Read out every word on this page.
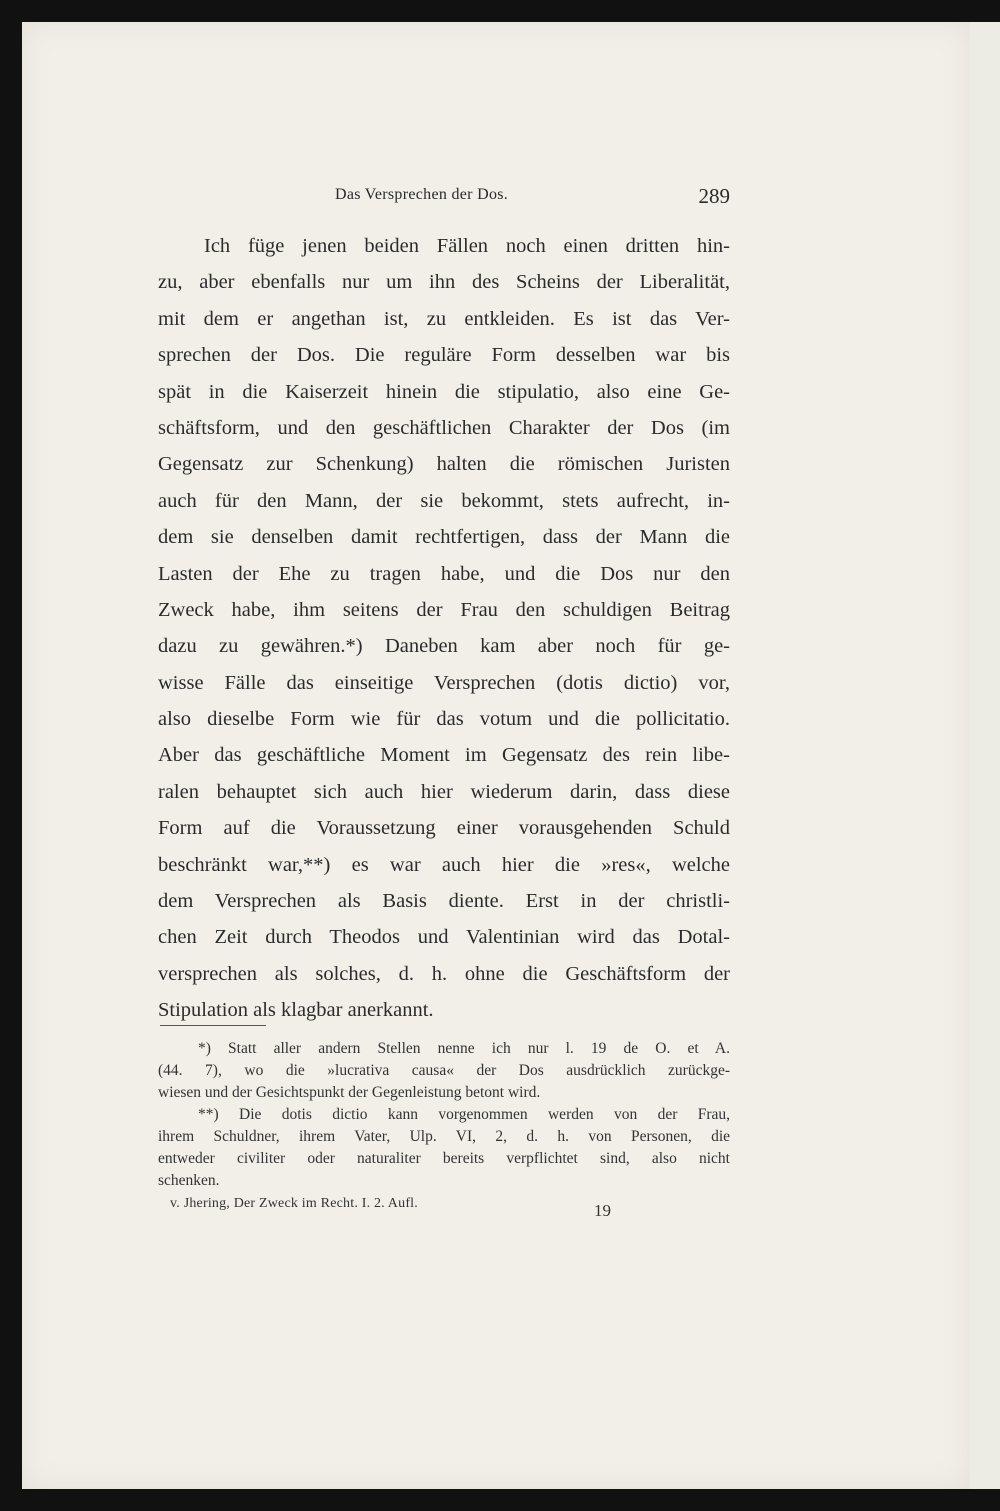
Das Versprechen der Dos.	289
Ich füge jenen beiden Fällen noch einen dritten hin-
zu, aber ebenfalls nur um ihn des Scheins der Liberalität,
mit dem er angethan ist, zu entkleiden. Es ist das Ver-
sprechen der Dos. Die reguläre Form desselben war bis
spät in die Kaiserzeit hinein die stipulatio, also eine Ge-
schäftsform, und den geschäftlichen Charakter der Dos (im
Gegensatz zur Schenkung) halten die römischen Juristen
auch für den Mann, der sie bekommt, stets aufrecht, in-
dem sie denselben damit rechtfertigen, dass der Mann die
Lasten der Ehe zu tragen habe, und die Dos nur den
Zweck habe, ihm seitens der Frau den schuldigen Beitrag
dazu zu gewähren.*) Daneben kam aber noch für ge-
wisse Fälle das einseitige Versprechen (dotis dictio) vor,
also dieselbe Form wie für das votum und die pollicitatio.
Aber das geschäftliche Moment im Gegensatz des rein libe-
ralen behauptet sich auch hier wiederum darin, dass diese
Form auf die Voraussetzung einer vorausgehenden Schuld
beschränkt war,**) es war auch hier die »res«, welche
dem Versprechen als Basis diente. Erst in der christli-
chen Zeit durch Theodos und Valentinian wird das Dotal-
versprechen als solches, d. h. ohne die Geschäftsform der
Stipulation als klagbar anerkannt.
*) Statt aller andern Stellen nenne ich nur l. 19 de O. et A.
(44. 7), wo die »lucrativa causa« der Dos ausdrücklich zurückge-
wiesen und der Gesichtspunkt der Gegenleistung betont wird.
**) Die dotis dictio kann vorgenommen werden von der Frau,
ihrem Schuldner, ihrem Vater, Ulp. VI, 2, d. h. von Personen, die
entweder civiliter oder naturaliter bereits verpflichtet sind, also nicht
schenken.
v. Jhering, Der Zweck im Recht. I. 2. Aufl.	19
